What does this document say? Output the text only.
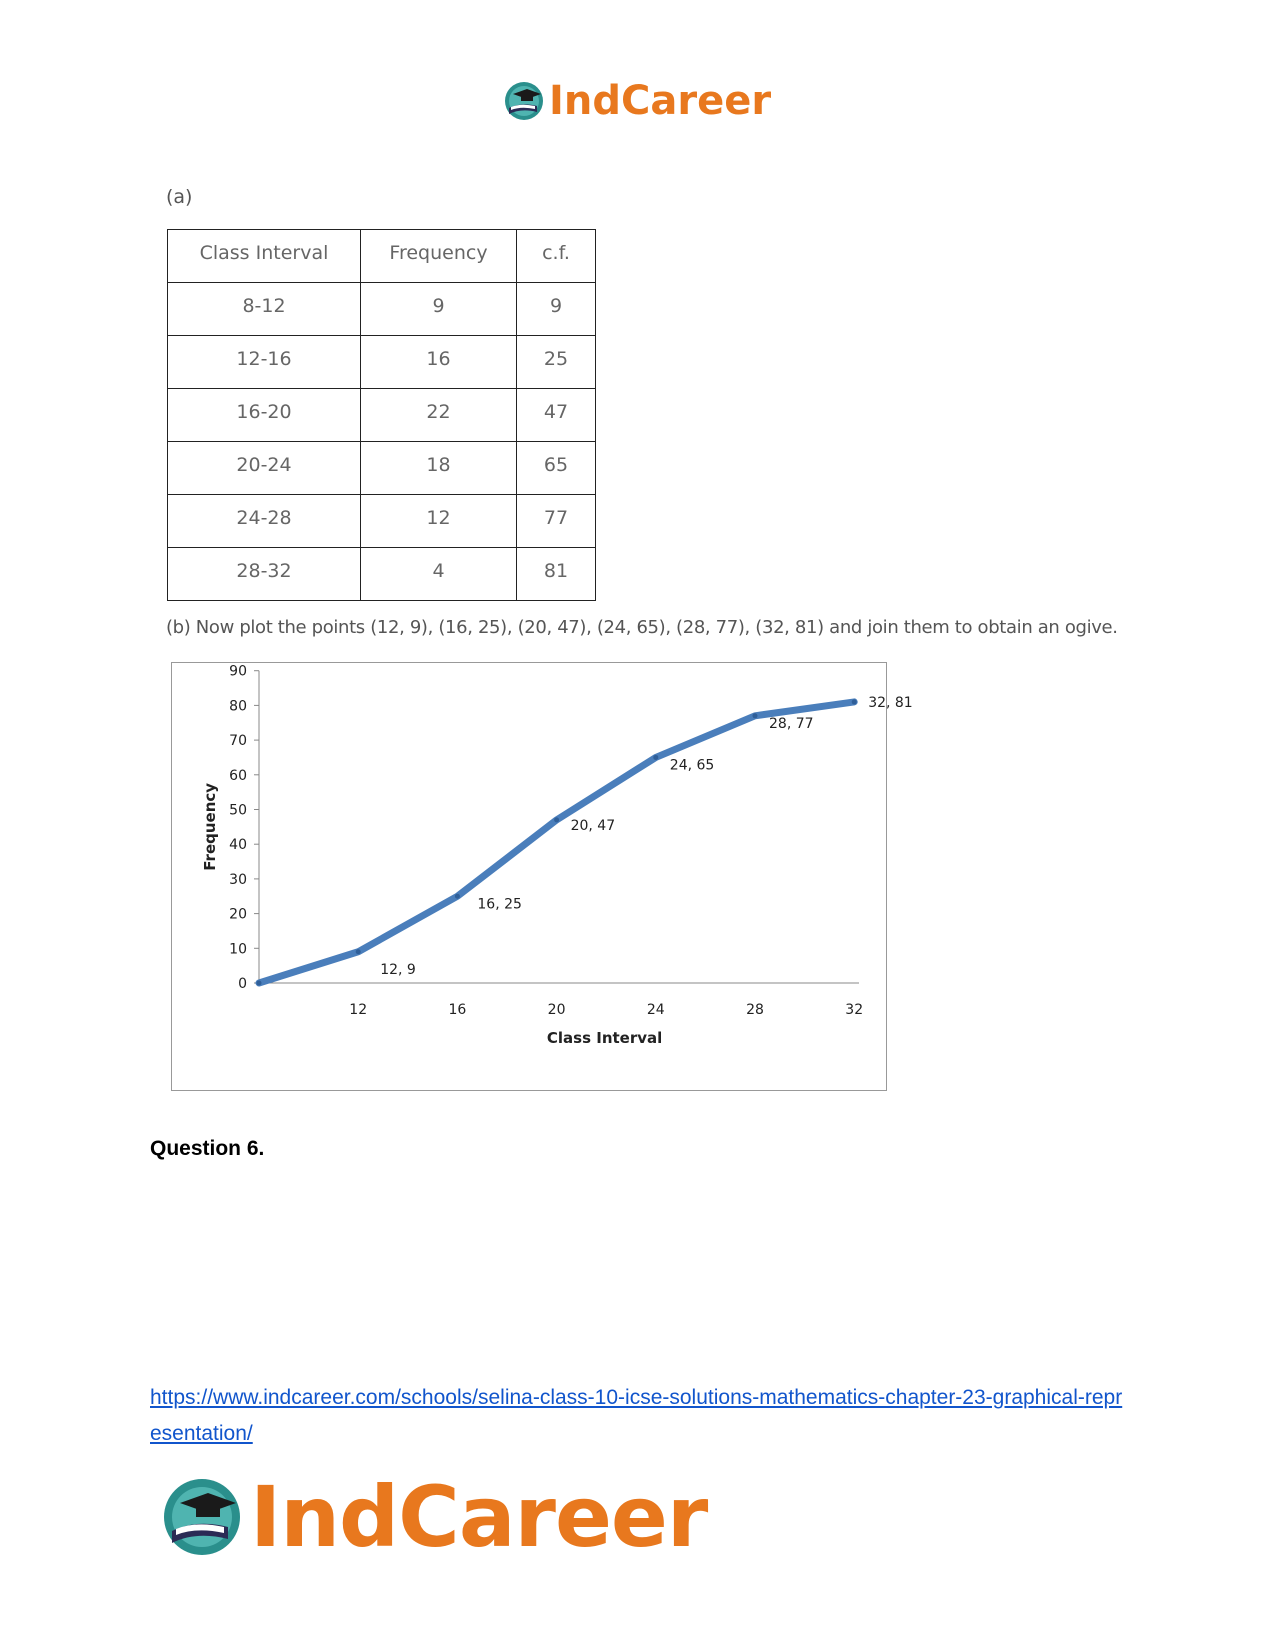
IndCareer
(a)
Class Interval	Frequency	c.f.
8-12	9	9
12-16	16	25
16-20	22	47
20-24	18	65
24-28	12	77
28-32	4	81
(b) Now plot the points (12, 9), (16, 25), (20, 47), (24, 65), (28, 77), (32, 81) and join them to obtain an ogive.
0
10
20
30
40
50
60
70
80
90
12	16	20	24	28	32
12, 9
16, 25
20, 47
24, 65
28, 77
32, 81
Class Interval
Frequency
Question 6.
https://www.indcareer.com/schools/selina-class-10-icse-solutions-mathematics-chapter-23-graphical-representation/
IndCareer
